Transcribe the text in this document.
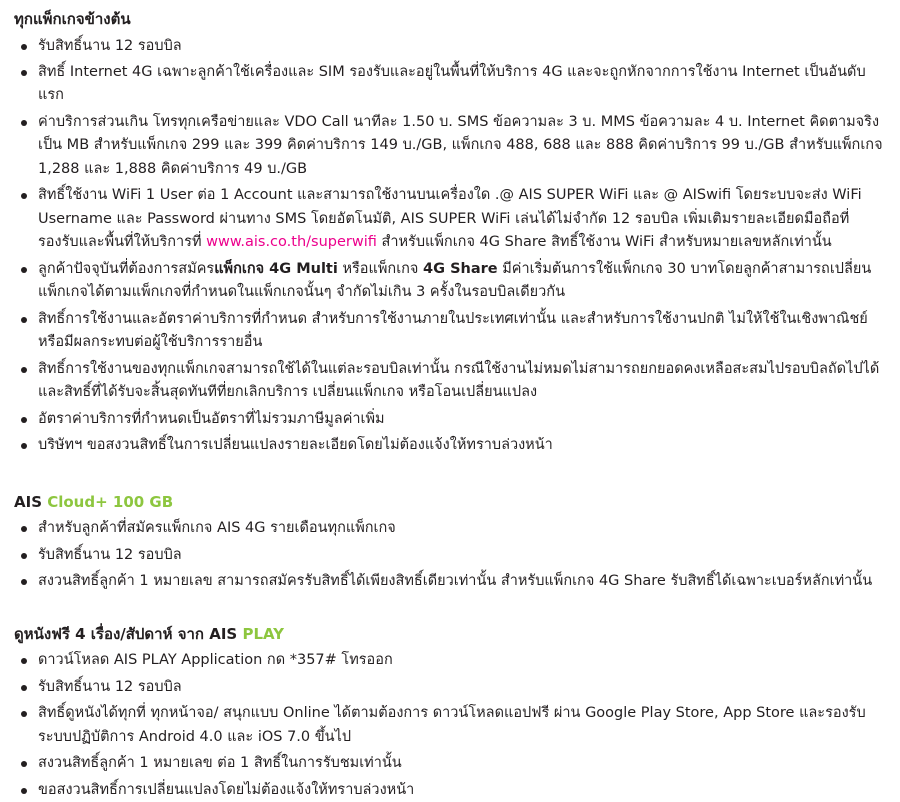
ทุกแพ็กเกจข้างต้น
รับสิทธิ์นาน 12 รอบบิล
สิทธิ์ Internet 4G เฉพาะลูกค้าใช้เครื่องและ SIM รองรับและอยู่ในพื้นที่ให้บริการ 4G และจะถูกหักจากการใช้งาน Internet เป็นอันดับแรก
ค่าบริการส่วนเกิน โทรทุกเครือข่ายและ VDO Call นาทีละ 1.50 บ. SMS ข้อความละ 3 บ. MMS ข้อความละ 4 บ. Internet คิดตามจริงเป็น MB สำหรับแพ็กเกจ 299 และ 399 คิดค่าบริการ 149 บ./GB, แพ็กเกจ 488, 688 และ 888 คิดค่าบริการ 99 บ./GB สำหรับแพ็กเกจ 1,288 และ 1,888 คิดค่าบริการ 49 บ./GB
สิทธิ์ใช้งาน WiFi 1 User ต่อ 1 Account และสามารถใช้งานบนเครื่องใด .@ AIS SUPER WiFi และ @ AISwifi โดยระบบจะส่ง WiFi Username และ Password ผ่านทาง SMS โดยอัตโนมัติ, AIS SUPER WiFi เล่นได้ไม่จำกัด 12 รอบบิล เพิ่มเติมรายละเอียดมือถือที่รองรับและพื้นที่ให้บริการที่ www.ais.co.th/superwifi สำหรับแพ็กเกจ 4G Share สิทธิ์ใช้งาน WiFi สำหรับหมายเลขหลักเท่านั้น
ลูกค้าปัจจุบันที่ต้องการสมัครแพ็กเกจ 4G Multi หรือแพ็กเกจ 4G Share มีค่าเริ่มต้นการใช้แพ็กเกจ 30 บาทโดยลูกค้าสามารถเปลี่ยนแพ็กเกจได้ตามแพ็กเกจที่กำหนดในแพ็กเกจนั้นๆ จำกัดไม่เกิน 3 ครั้งในรอบบิลเดียวกัน
สิทธิ์การใช้งานและอัตราค่าบริการที่กำหนด สำหรับการใช้งานภายในประเทศเท่านั้น และสำหรับการใช้งานปกติ ไม่ให้ใช้ในเชิงพาณิชย์หรือมีผลกระทบต่อผู้ใช้บริการรายอื่น
สิทธิ์การใช้งานของทุกแพ็กเกจสามารถใช้ได้ในแต่ละรอบบิลเท่านั้น กรณีใช้งานไม่หมดไม่สามารถยกยอดคงเหลือสะสมไปรอบบิลถัดไปได้ และสิทธิ์ที่ได้รับจะสิ้นสุดทันทีที่ยกเลิกบริการ เปลี่ยนแพ็กเกจ หรือโอนเปลี่ยนแปลง
อัตราค่าบริการที่กำหนดเป็นอัตราที่ไม่รวมภาษีมูลค่าเพิ่ม
บริษัทฯ ขอสงวนสิทธิ์ในการเปลี่ยนแปลงรายละเอียดโดยไม่ต้องแจ้งให้ทราบล่วงหน้า
AIS Cloud+ 100 GB
สำหรับลูกค้าที่สมัครแพ็กเกจ AIS 4G รายเดือนทุกแพ็กเกจ
รับสิทธิ์นาน 12 รอบบิล
สงวนสิทธิ์ลูกค้า 1 หมายเลข สามารถสมัครรับสิทธิ์ได้เพียงสิทธิ์เดียวเท่านั้น สำหรับแพ็กเกจ 4G Share รับสิทธิ์ได้เฉพาะเบอร์หลักเท่านั้น
ดูหนังฟรี 4 เรื่อง/สัปดาห์ จาก AIS PLAY
ดาวน์โหลด AIS PLAY Application กด *357# โทรออก
รับสิทธิ์นาน 12 รอบบิล
สิทธิ์ดูหนังได้ทุกที่ ทุกหน้าจอ/ สนุกแบบ Online ได้ตามต้องการ ดาวน์โหลดแอปฟรี ผ่าน Google Play Store, App Store และรองรับระบบปฏิบัติการ Android 4.0 และ iOS 7.0 ขึ้นไป
สงวนสิทธิ์ลูกค้า 1 หมายเลข ต่อ 1 สิทธิ์ในการรับชมเท่านั้น
ขอสงวนสิทธิ์การเปลี่ยนแปลงโดยไม่ต้องแจ้งให้ทราบล่วงหน้า
